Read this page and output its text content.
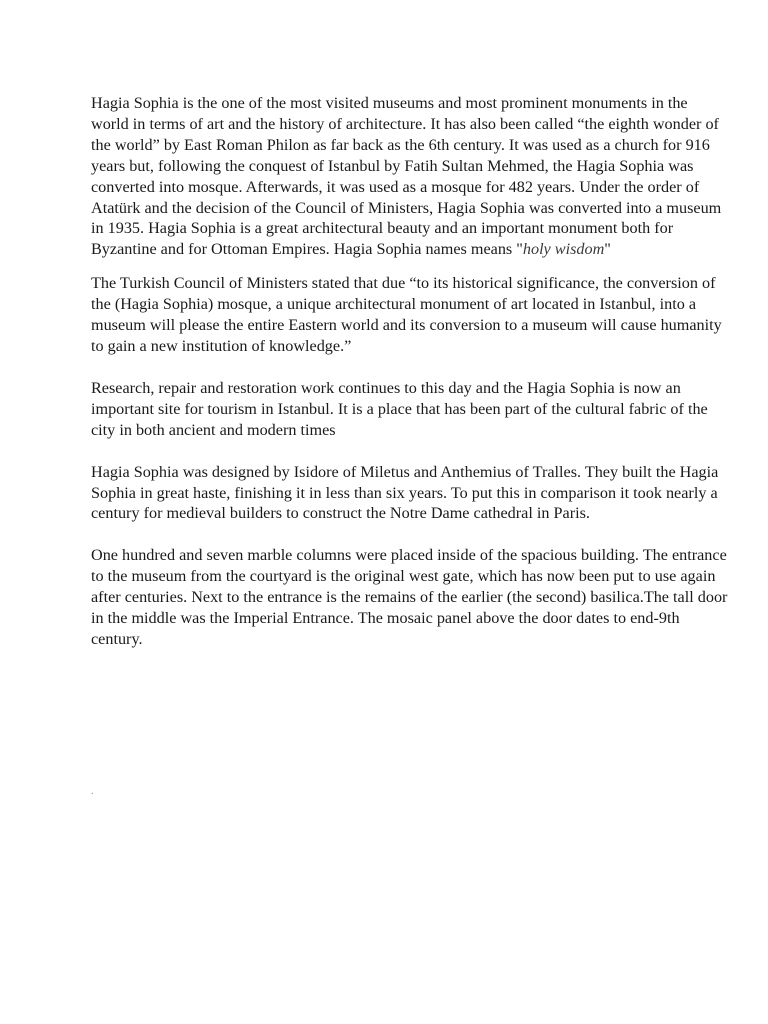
Hagia Sophia is the one of the most visited museums and most prominent monuments in the world in terms of art and the history of architecture. It has also been called “the eighth wonder of the world” by East Roman Philon as far back as the 6th century. It was used as a church for 916 years but, following the conquest of Istanbul by Fatih Sultan Mehmed, the Hagia Sophia was converted into mosque. Afterwards, it was used as a mosque for 482 years. Under the order of Atatürk and the decision of the Council of Ministers, Hagia Sophia was converted into a museum in 1935. Hagia Sophia is a great architectural beauty and an important monument both for Byzantine and for Ottoman Empires. Hagia Sophia names means "holy wisdom"

The Turkish Council of Ministers stated that due “to its historical significance, the conversion of the (Hagia Sophia) mosque, a unique architectural monument of art located in Istanbul, into a museum will please the entire Eastern world and its conversion to a museum will cause humanity to gain a new institution of knowledge.”

Research, repair and restoration work continues to this day and the Hagia Sophia is now an important site for tourism in Istanbul. It is a place that has been part of the cultural fabric of the city in both ancient and modern times

Hagia Sophia was designed by Isidore of Miletus and Anthemius of Tralles. They built the Hagia Sophia in great haste, finishing it in less than six years. To put this in comparison it took nearly a century for medieval builders to construct the Notre Dame cathedral in Paris.

One hundred and seven marble columns were placed inside of the spacious building. The entrance to the museum from the courtyard is the original west gate, which has now been put to use again after centuries. Next to the entrance is the remains of the earlier (the second) basilica.The tall door in the middle was the Imperial Entrance. The mosaic panel above the door dates to end-9th century.

.
